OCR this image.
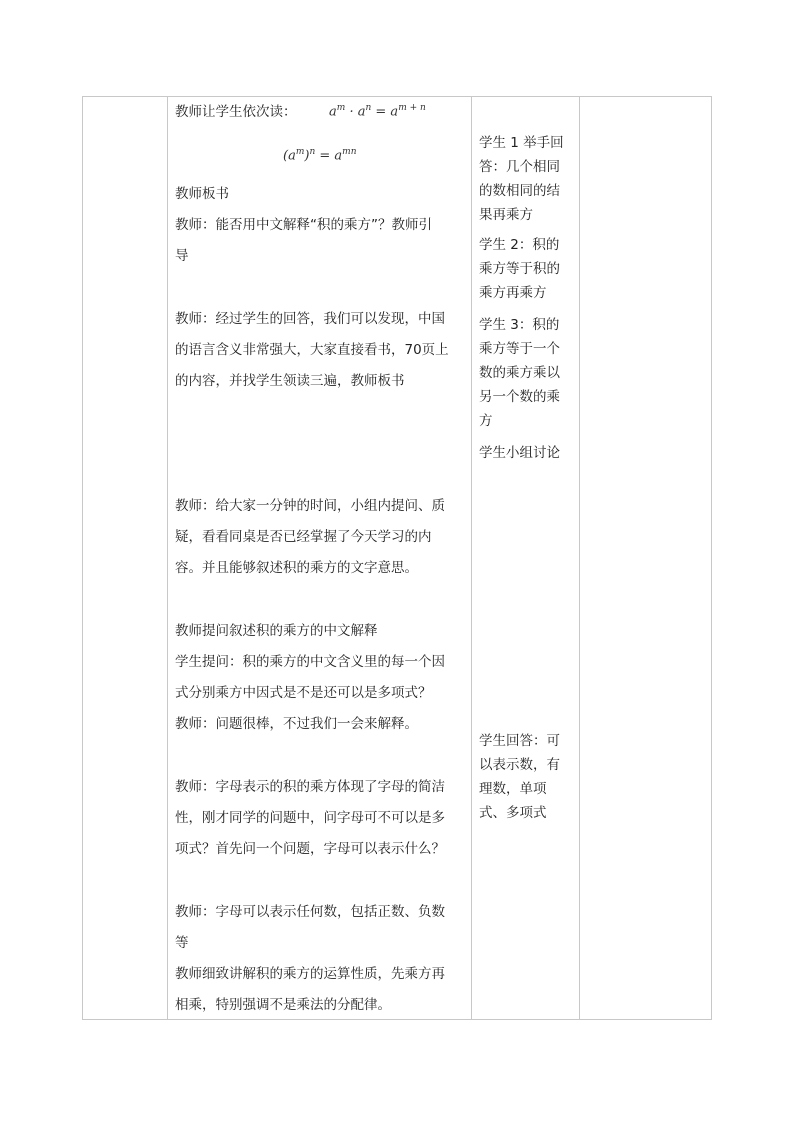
教师让学生依次读：	$a^m \cdot a^n = a^{m + n}$
$(a^m)^n = a^{mn}$
教师板书
教师：能否用中文解释“积的乘方”？教师引
导
教师：经过学生的回答，我们可以发现，中国
的语言含义非常强大，大家直接看书，70页上
的内容，并找学生领读三遍，教师板书
教师：给大家一分钟的时间，小组内提问、质
疑，看看同桌是否已经掌握了今天学习的内
容。并且能够叙述积的乘方的文字意思。
教师提问叙述积的乘方的中文解释
学生提问：积的乘方的中文含义里的每一个因
式分别乘方中因式是不是还可以是多项式？
教师：问题很棒，不过我们一会来解释。
教师：字母表示的积的乘方体现了字母的简洁
性，刚才同学的问题中，问字母可不可以是多
项式？首先问一个问题，字母可以表示什么？
教师：字母可以表示任何数，包括正数、负数
等
教师细致讲解积的乘方的运算性质，先乘方再
相乘，特别强调不是乘法的分配律。
学生 1 举手回答：几个相同的数相同的结果再乘方
学生 2：积的乘方等于积的乘方再乘方
学生 3：积的乘方等于一个数的乘方乘以另一个数的乘方
学生小组讨论
学生回答：可以表示数，有理数，单项式、多项式
